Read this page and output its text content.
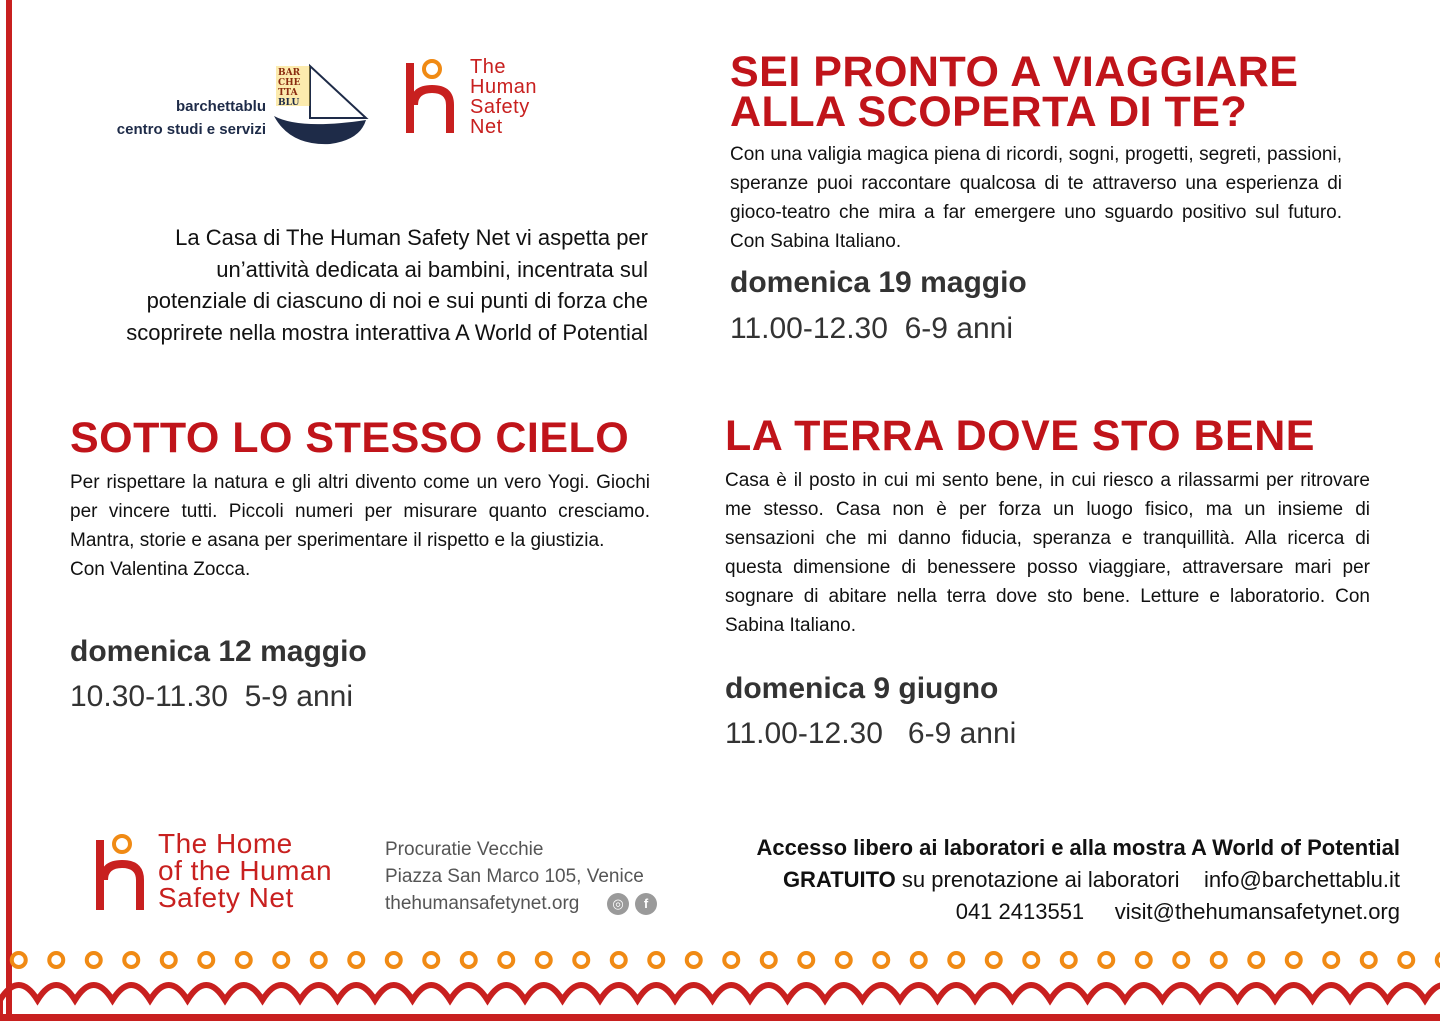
barchettablu
centro studi e servizi
BAR
CHE
TTA
BLU
The
Human
Safety
Net
La Casa di The Human Safety Net vi aspetta per
un’attività dedicata ai bambini, incentrata sul
potenziale di ciascuno di noi e sui punti di forza che
scoprirete nella mostra interattiva A World of Potential
SEI PRONTO A VIAGGIARE
ALLA SCOPERTA DI TE?
Con una valigia magica piena di ricordi, sogni, progetti, segreti, passioni, speranze puoi raccontare qualcosa di te attraverso una esperienza di gioco-teatro che mira a far emergere uno sguardo positivo sul futuro. Con Sabina Italiano.

domenica 19 maggio

11.00-12.30  6-9 anni

SOTTO LO STESSO CIELO
Per rispettare la natura e gli altri divento come un vero Yogi. Giochi per vincere tutti. Piccoli numeri per misurare quanto cresciamo. Mantra, storie e asana per sperimentare il rispetto e la giustizia.
Con Valentina Zocca.

domenica 12 maggio

10.30-11.30  5-9 anni

LA TERRA DOVE STO BENE
Casa è il posto in cui mi sento bene, in cui riesco a rilassarmi per ritrovare me stesso. Casa non è per forza un luogo fisico, ma un insieme di sensazioni che mi danno fiducia, speranza e tranquillità. Alla ricerca di questa dimensione di benessere posso viaggiare, attraversare mari per sognare di abitare nella terra dove sto bene. Letture e laboratorio. Con Sabina Italiano.

domenica 9 giugno

11.00-12.30   6-9 anni

The Home
of the Human
Safety Net
Procuratie Vecchie
Piazza San Marco 105, Venice
thehumansafetynet.org	◎ f
Accesso libero ai laboratori e alla mostra A World of Potential
GRATUITO su prenotazione ai laboratori info@barchettablu.it
041 2413551 visit@thehumansafetynet.org
